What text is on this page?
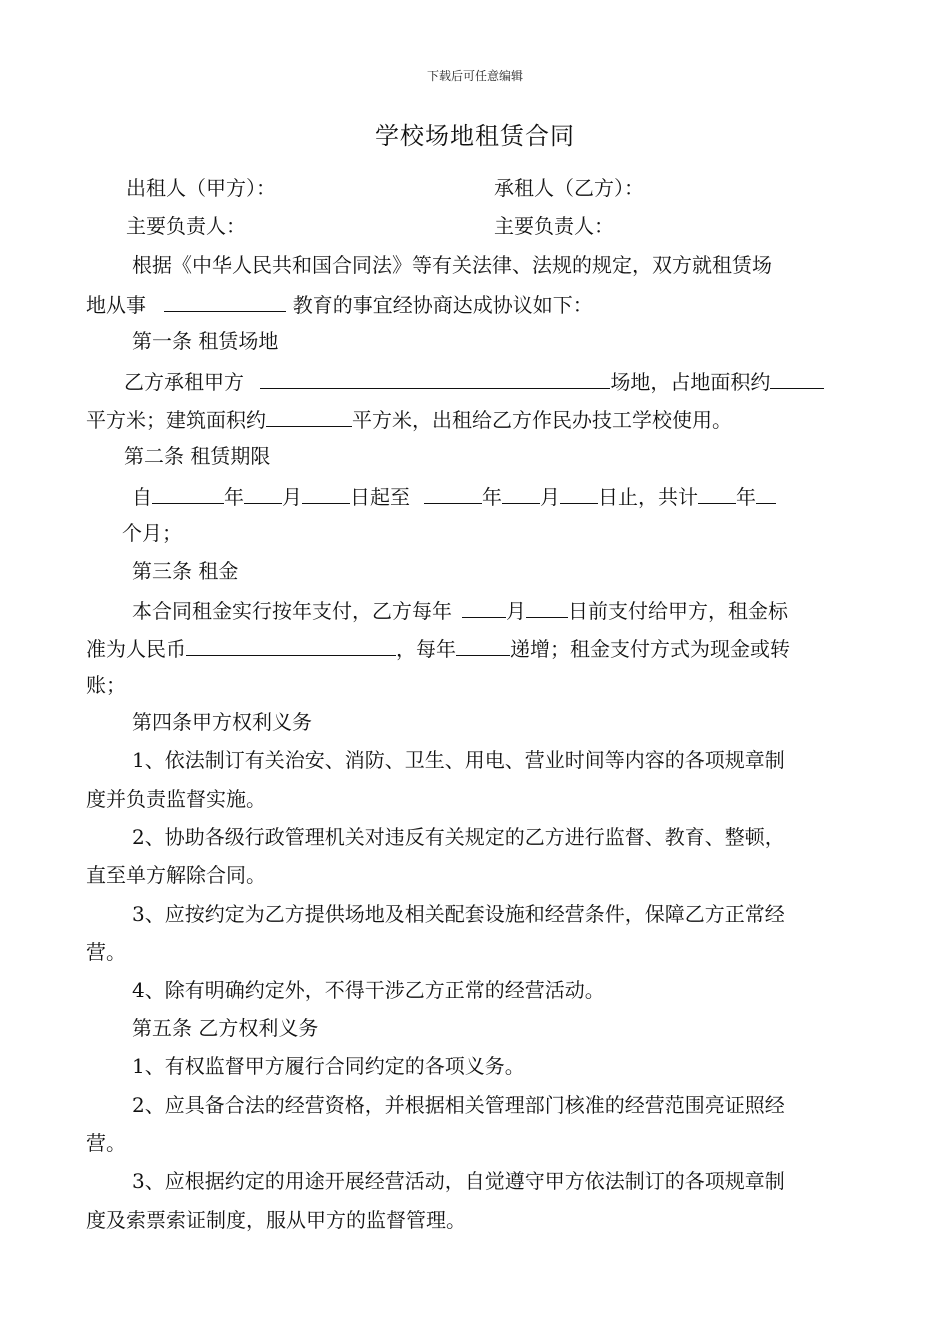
下载后可任意编辑
学校场地租赁合同
出租人（甲方）：	承租人（乙方）：
主要负责人：	主要负责人：
根据《中华人民共和国合同法》等有关法律、法规的规定，双方就租赁场
地从事	教育的事宜经协商达成协议如下：
第一条 租赁场地
乙方承租甲方	场地，占地面积约
平方米；建筑面积约	平方米，出租给乙方作民办技工学校使用。
第二条 租赁期限
自	年 月 日起至	年 月 日止，共计 年
个月；
第三条 租金
本合同租金实行按年支付，乙方每年	月 日前支付给甲方，租金标
准为人民币	，每年	递增；租金支付方式为现金或转
账；
第四条甲方权利义务
1、依法制订有关治安、消防、卫生、用电、营业时间等内容的各项规章制
度并负责监督实施。
2、协助各级行政管理机关对违反有关规定的乙方进行监督、教育、整顿，
直至单方解除合同。
3、应按约定为乙方提供场地及相关配套设施和经营条件，保障乙方正常经
营。
4、除有明确约定外，不得干涉乙方正常的经营活动。
第五条 乙方权利义务
1、有权监督甲方履行合同约定的各项义务。
2、应具备合法的经营资格，并根据相关管理部门核准的经营范围亮证照经
营。
3、应根据约定的用途开展经营活动，自觉遵守甲方依法制订的各项规章制
度及索票索证制度，服从甲方的监督管理。
